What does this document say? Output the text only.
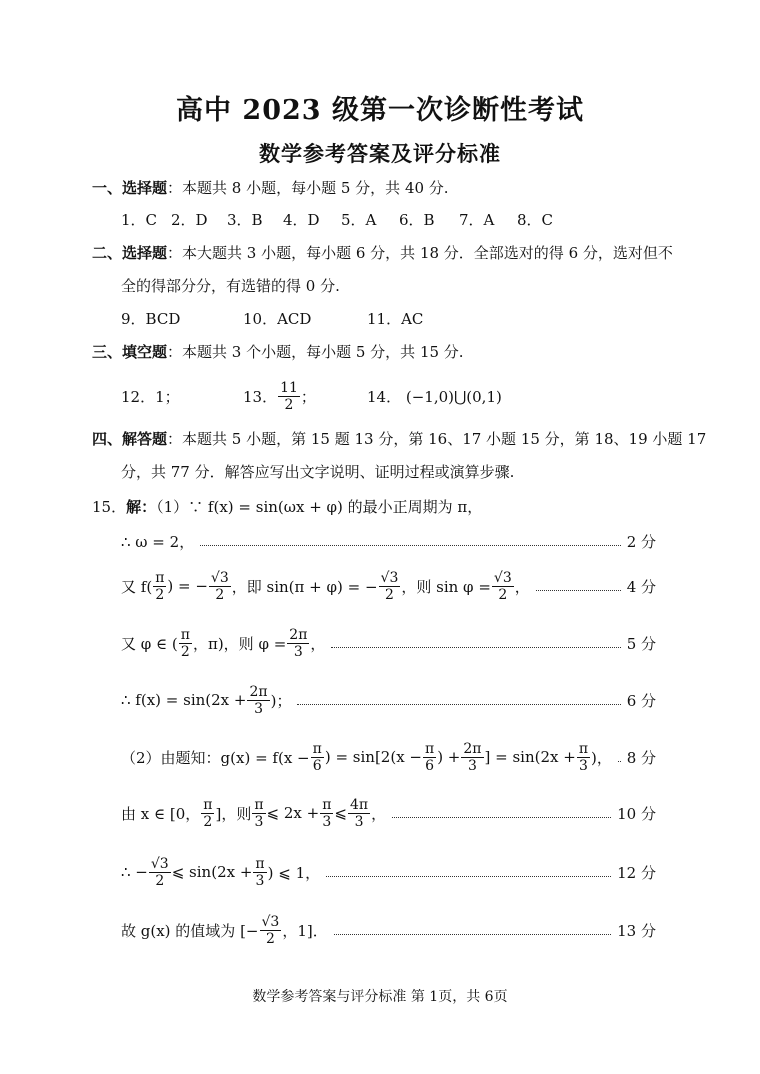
高中 2023 级第一次诊断性考试
数学参考答案及评分标准
一、选择题：本题共 8 小题，每小题 5 分，共 40 分.
1．C 2．D 3．B 4．D 5．A 6．B 7．A 8．C
二、选择题：本大题共 3 小题，每小题 6 分，共 18 分．全部选对的得 6 分，选对但不
全的得部分分，有选错的得 0 分.
9．BCD	10．ACD	11．AC
三、填空题：本题共 3 个小题，每小题 5 分，共 15 分.
12．1；	13． $\frac{11}{2}$ ；	14． (−1,0)⋃(0,1)
四、解答题：本题共 5 小题，第 15 题 13 分，第 16、17 小题 15 分，第 18、19 小题 17
分，共 77 分．解答应写出文字说明、证明过程或演算步骤.
15．解：（1）∵ f(x) = sin(ωx + φ) 的最小正周期为 π，
∴ ω = 2，	2 分
又 $f( \frac{\pi}{2}$ ) = − $\frac{√3}{2}$ ，即 sin(π + φ) = − $\frac{√3}{2}$ ，则 $\sin \varphi = \frac{√3}{2}$ ，	4 分
又 φ ∈ ( $\frac{\pi}{2}$ ，π)，则 $\varphi = \frac{2\pi}{3}$ ，	5 分
∴ $f(x) = \sin(2x + \frac{2\pi}{3}$ )；	6 分
（2）由题知：$g(x) = f(x - \frac{\pi}{6}$ ) = $\sin[2(x - \frac{\pi}{6}$ ) + $\frac{2\pi}{3}$ ] = $\sin(2x + \frac{\pi}{3}$ )， 8 分
由 x ∈ [0， $\frac{\pi}{2}$ ]，则 $\frac{\pi}{3}$ ⩽ $2x + \frac{\pi}{3}$ ⩽ $\frac{4\pi}{3}$ ，	10 分
∴ − $\frac{√3}{2}$ ⩽ $\sin(2x + \frac{\pi}{3}$ ) ⩽ 1，	12 分
故 g(x) 的值域为 [− $\frac{√3}{2}$ ，1]．	13 分
数学参考答案与评分标准 第 1页，共 6页
